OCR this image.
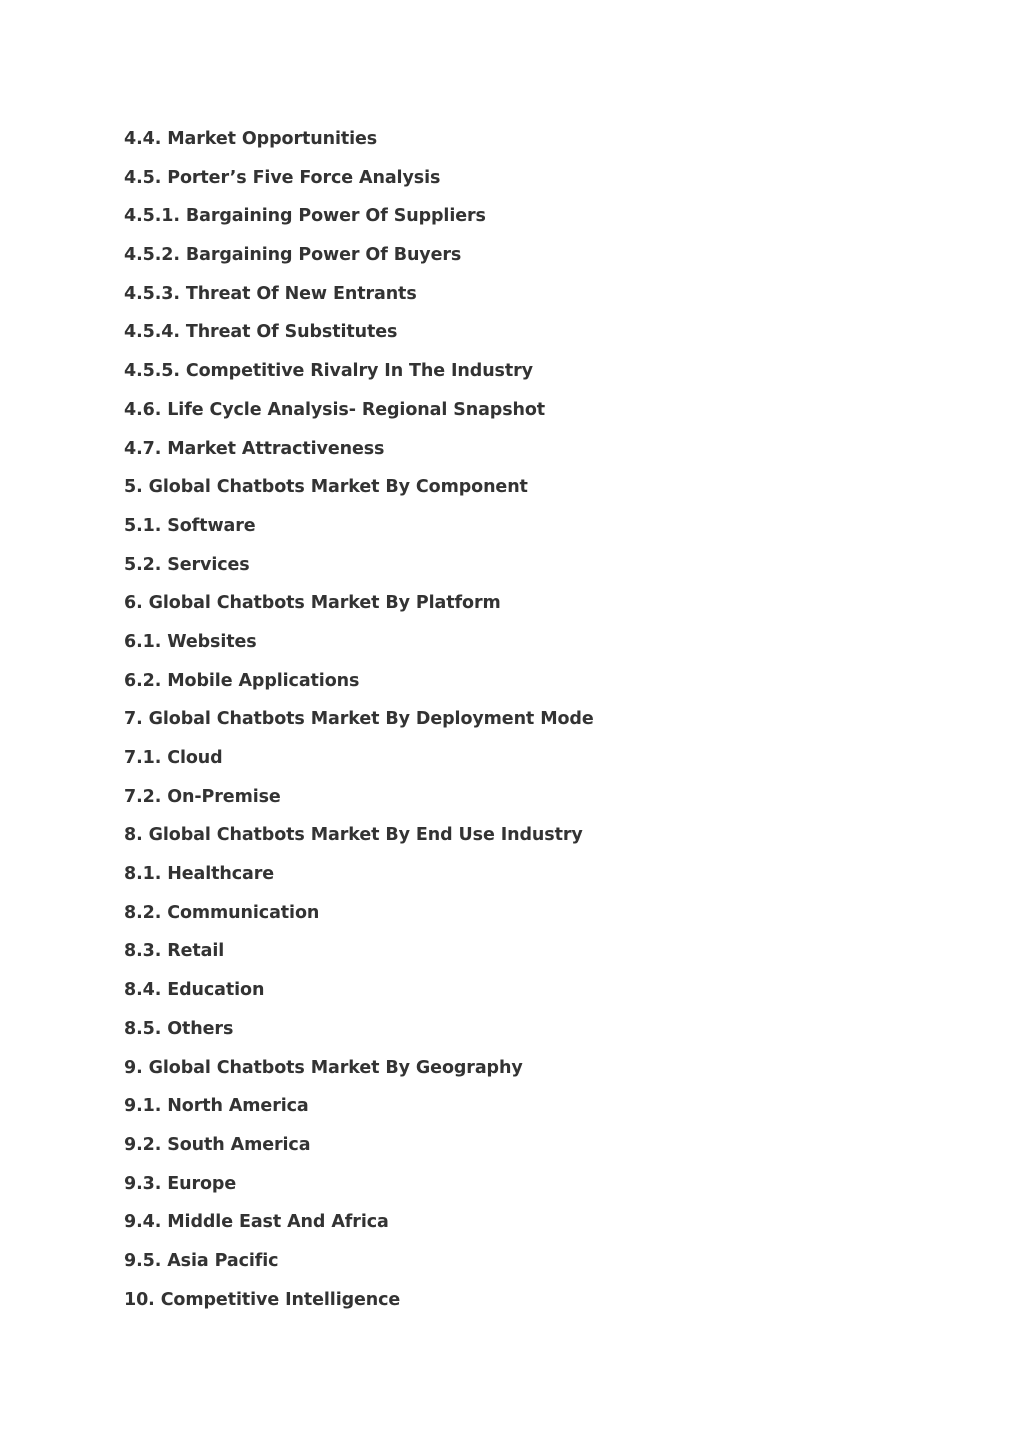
4.4. Market Opportunities
4.5. Porter’s Five Force Analysis
4.5.1. Bargaining Power Of Suppliers
4.5.2. Bargaining Power Of Buyers
4.5.3. Threat Of New Entrants
4.5.4. Threat Of Substitutes
4.5.5. Competitive Rivalry In The Industry
4.6. Life Cycle Analysis- Regional Snapshot
4.7. Market Attractiveness
5. Global Chatbots Market By Component
5.1. Software
5.2. Services
6. Global Chatbots Market By Platform
6.1. Websites
6.2. Mobile Applications
7. Global Chatbots Market By Deployment Mode
7.1. Cloud
7.2. On-Premise
8. Global Chatbots Market By End Use Industry
8.1. Healthcare
8.2. Communication
8.3. Retail
8.4. Education
8.5. Others
9. Global Chatbots Market By Geography
9.1. North America
9.2. South America
9.3. Europe
9.4. Middle East And Africa
9.5. Asia Pacific
10. Competitive Intelligence
